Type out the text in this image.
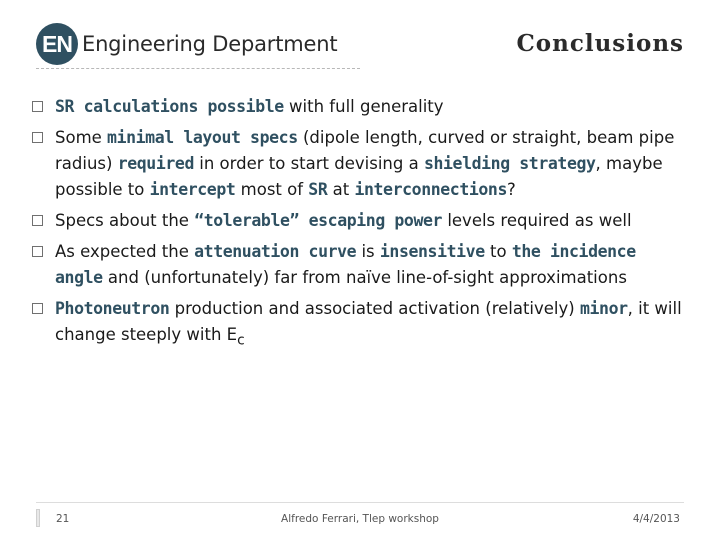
EN Engineering Department	Conclusions
SR calculations possible with full generality
Some minimal layout specs (dipole length, curved or straight, beam pipe radius) required in order to start devising a shielding strategy, maybe possible to intercept most of SR at interconnections?
Specs about the “tolerable” escaping power levels required as well
As expected the attenuation curve is insensitive to the incidence angle and (unfortunately) far from naïve line-of-sight approximations
Photoneutron production and associated activation (relatively) minor, it will change steeply with $E_c$
21	Alfredo Ferrari, Tlep workshop	4/4/2013
